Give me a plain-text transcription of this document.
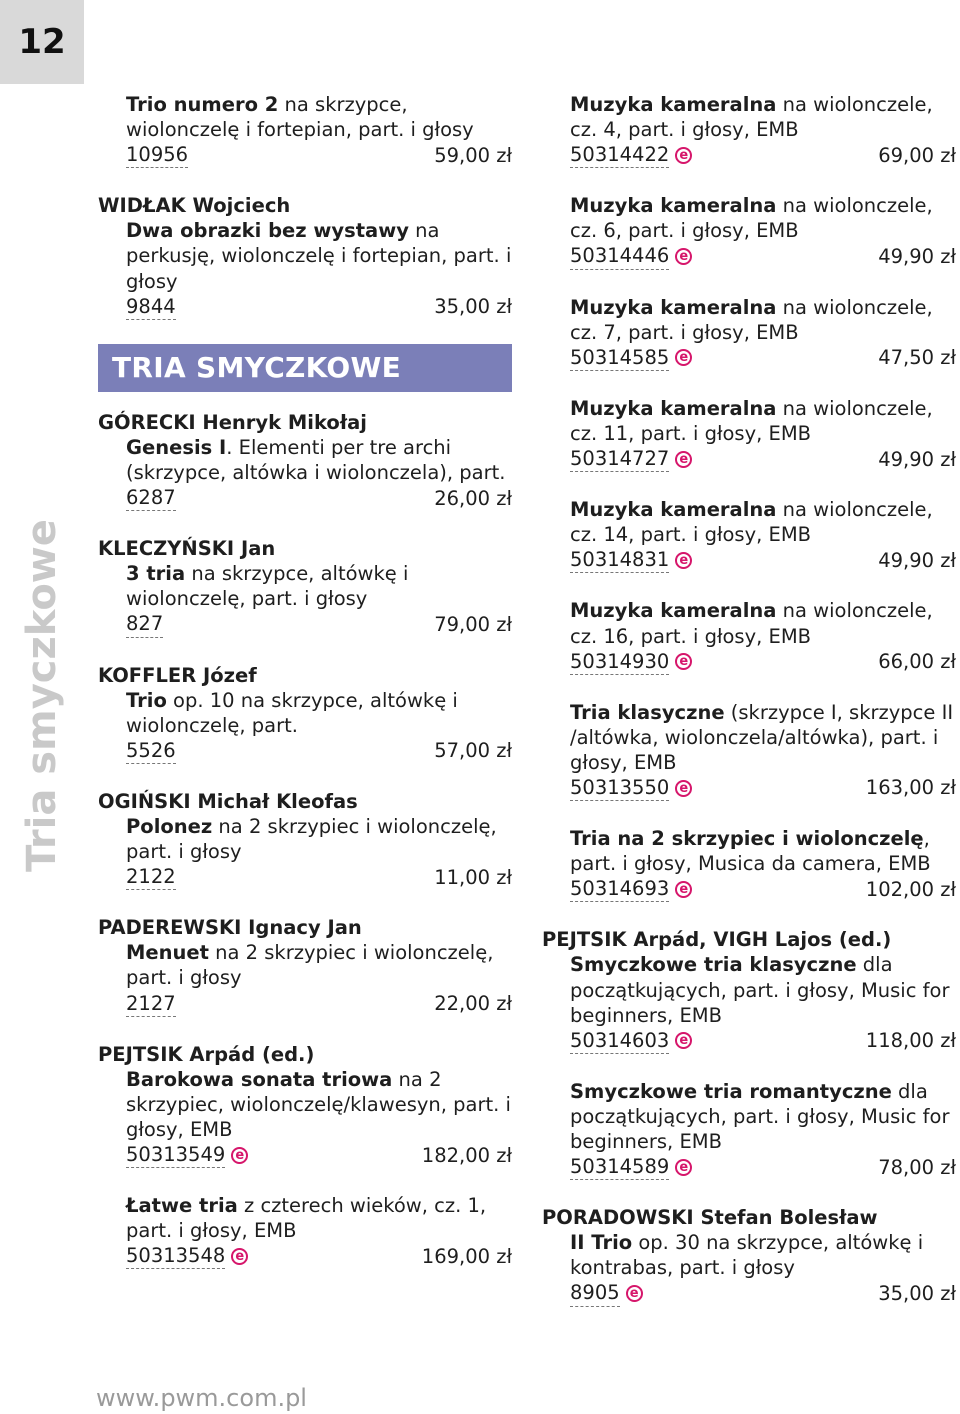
12
Tria smyczkowe
Trio numero 2 na skrzypce, wiolonczelę i fortepian, part. i głosy
10956	59,00 zł
WIDŁAK Wojciech
Dwa obrazki bez wystawy na perkusję, wiolonczelę i fortepian, part. i głosy
9844	35,00 zł
TRIA SMYCZKOWE
GÓRECKI Henryk Mikołaj
Genesis I. Elementi per tre archi (skrzypce, altówka i wiolonczela), part.
6287	26,00 zł
KLECZYŃSKI Jan
3 tria na skrzypce, altówkę i wiolonczelę, part. i głosy
827	79,00 zł
KOFFLER Józef
Trio op. 10 na skrzypce, altówkę i wiolonczelę, part.
5526	57,00 zł
OGIŃSKI Michał Kleofas
Polonez na 2 skrzypiec i wiolonczelę, part. i głosy
2122	11,00 zł
PADEREWSKI Ignacy Jan
Menuet na 2 skrzypiec i wiolonczelę, part. i głosy
2127	22,00 zł
PEJTSIK Arpád (ed.)
Barokowa sonata triowa na 2 skrzypiec, wiolonczelę/klawesyn, part. i głosy, EMB
50313549 e	182,00 zł
Łatwe tria z czterech wieków, cz. 1, part. i głosy, EMB
50313548 e	169,00 zł
Muzyka kameralna na wiolonczele, cz. 4, part. i głosy, EMB
50314422 e	69,00 zł
Muzyka kameralna na wiolonczele, cz. 6, part. i głosy, EMB
50314446 e	49,90 zł
Muzyka kameralna na wiolonczele, cz. 7, part. i głosy, EMB
50314585 e	47,50 zł
Muzyka kameralna na wiolonczele, cz. 11, part. i głosy, EMB
50314727 e	49,90 zł
Muzyka kameralna na wiolonczele, cz. 14, part. i głosy, EMB
50314831 e	49,90 zł
Muzyka kameralna na wiolonczele, cz. 16, part. i głosy, EMB
50314930 e	66,00 zł
Tria klasyczne (skrzypce I, skrzypce II /altówka, wiolonczela/altówka), part. i głosy, EMB
50313550 e	163,00 zł
Tria na 2 skrzypiec i wiolonczelę, part. i głosy, Musica da camera, EMB
50314693 e	102,00 zł
PEJTSIK Arpád, VIGH Lajos (ed.)
Smyczkowe tria klasyczne dla początkujących, part. i głosy, Music for beginners, EMB
50314603 e	118,00 zł
Smyczkowe tria romantyczne dla początkujących, part. i głosy, Music for beginners, EMB
50314589 e	78,00 zł
PORADOWSKI Stefan Bolesław
II Trio op. 30 na skrzypce, altówkę i kontrabas, part. i głosy
8905 e	35,00 zł
www.pwm.com.pl
